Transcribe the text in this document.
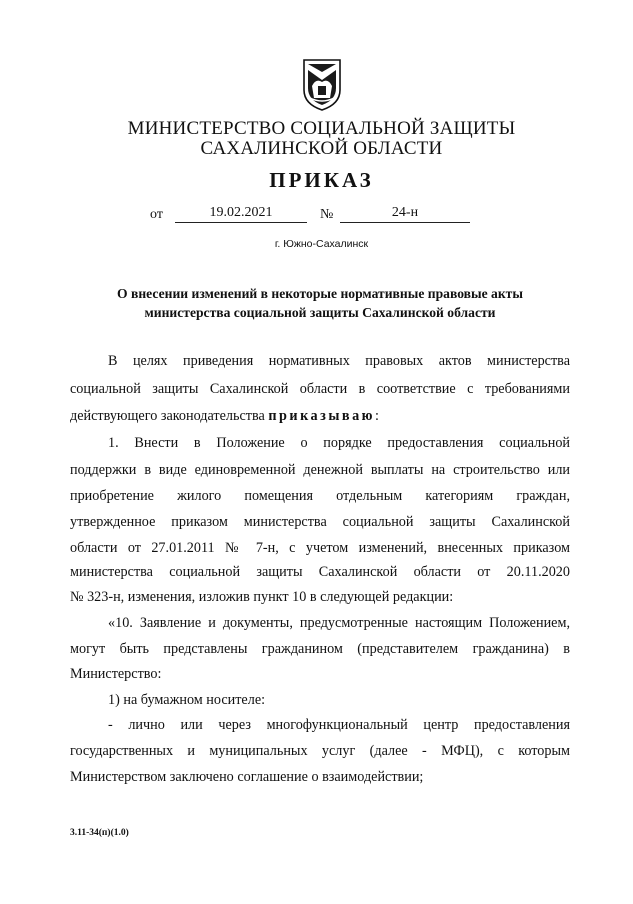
МИНИСТЕРСТВО СОЦИАЛЬНОЙ ЗАЩИТЫ
САХАЛИНСКОЙ ОБЛАСТИ
ПРИКАЗ
от	19.02.2021	№	24-н
г. Южно-Сахалинск
О внесении изменений в некоторые нормативные правовые акты
министерства социальной защиты Сахалинской области
В целях приведения нормативных правовых актов министерства
социальной защиты Сахалинской области в соответствие с требованиями
действующего законодательства приказываю:
1. Внести в Положение о порядке предоставления социальной
поддержки в виде единовременной денежной выплаты на строительство или
приобретение жилого помещения отдельным категориям граждан,
утвержденное приказом министерства социальной защиты Сахалинской
области от 27.01.2011 № 7-н, с учетом изменений, внесенных приказом
министерства социальной защиты Сахалинской области от 20.11.2020
№ 323-н, изменения, изложив пункт 10 в следующей редакции:
«10. Заявление и документы, предусмотренные настоящим Положением,
могут быть представлены гражданином (представителем гражданина) в
Министерство:
1) на бумажном носителе:
- лично или через многофункциональный центр предоставления
государственных и муниципальных услуг (далее - МФЦ), с которым
Министерством заключено соглашение о взаимодействии;
3.11-34(п)(1.0)
